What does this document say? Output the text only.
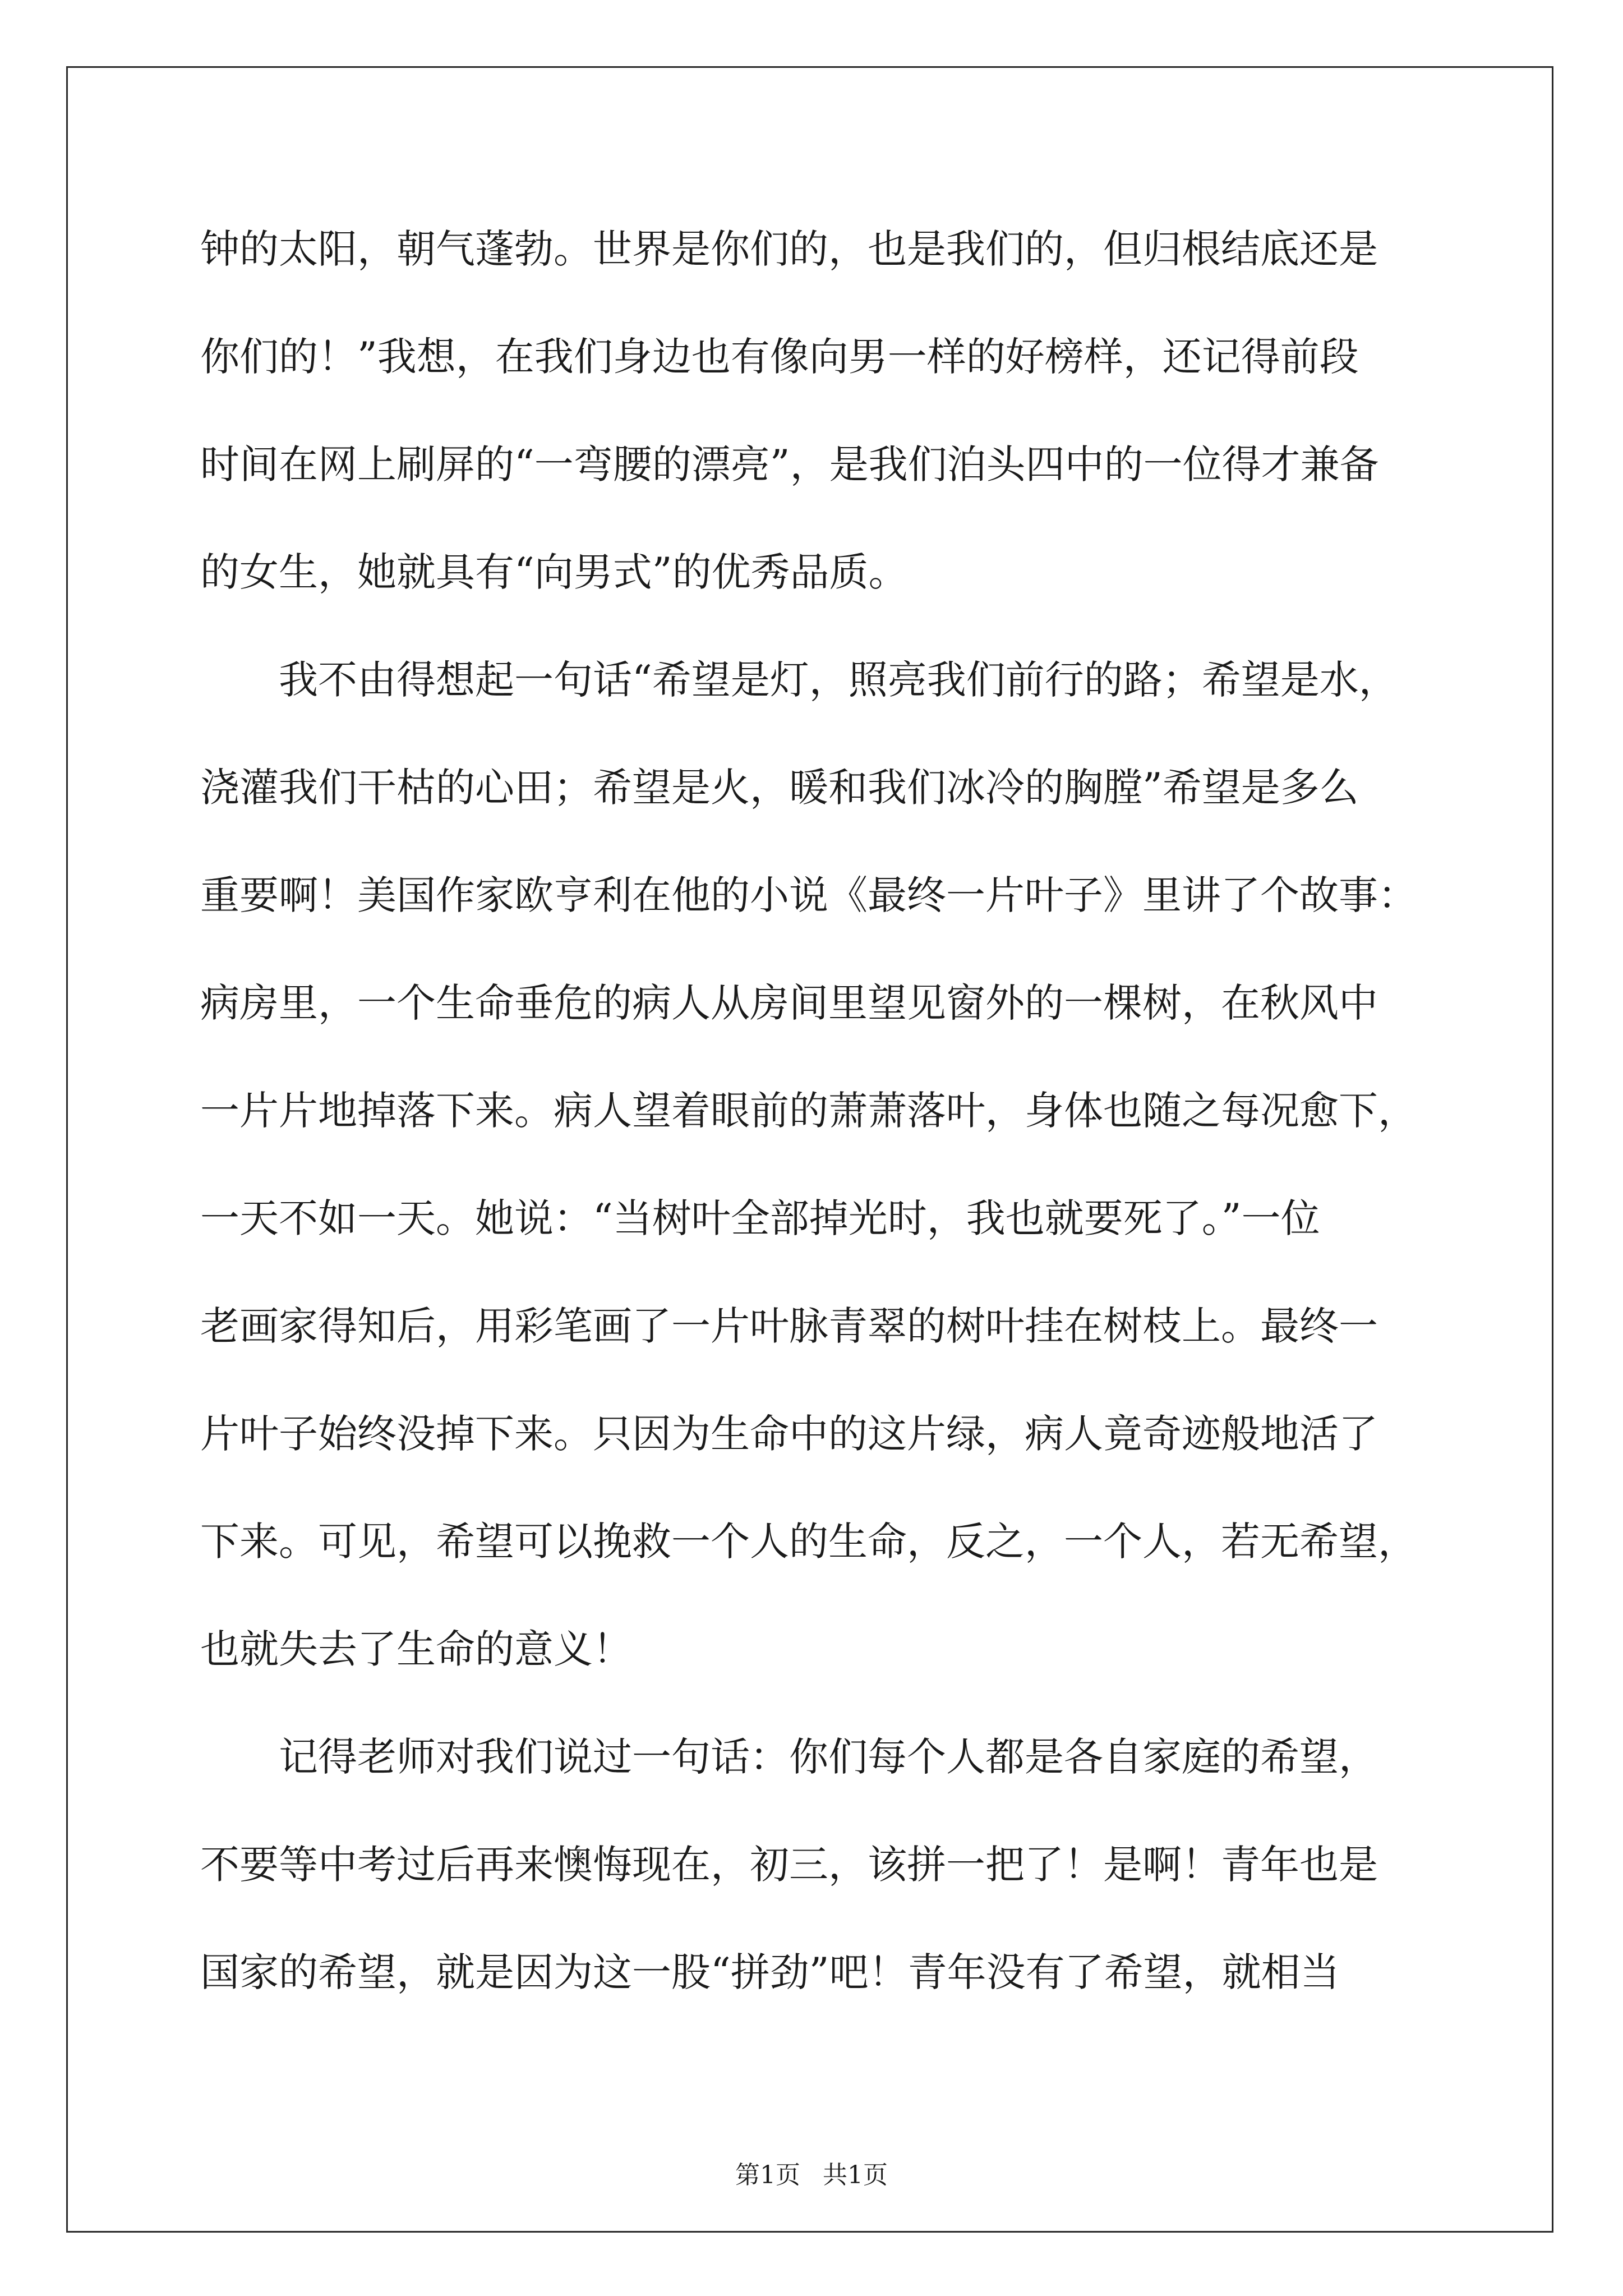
钟的太阳，朝气蓬勃。世界是你们的，也是我们的，但归根结底还是
你们的！”我想，在我们身边也有像向男一样的好榜样，还记得前段
时间在网上刷屏的“一弯腰的漂亮”，是我们泊头四中的一位得才兼备
的女生，她就具有“向男式”的优秀品质。
　　我不由得想起一句话“希望是灯，照亮我们前行的路；希望是水，
浇灌我们干枯的心田；希望是火，暖和我们冰冷的胸膛”希望是多么
重要啊！美国作家欧亨利在他的小说《最终一片叶子》里讲了个故事：
病房里，一个生命垂危的病人从房间里望见窗外的一棵树，在秋风中
一片片地掉落下来。病人望着眼前的萧萧落叶，身体也随之每况愈下，
一天不如一天。她说：“当树叶全部掉光时，我也就要死了。”一位
老画家得知后，用彩笔画了一片叶脉青翠的树叶挂在树枝上。最终一
片叶子始终没掉下来。只因为生命中的这片绿，病人竟奇迹般地活了
下来。可见，希望可以挽救一个人的生命，反之，一个人，若无希望，
也就失去了生命的意义！
　　记得老师对我们说过一句话：你们每个人都是各自家庭的希望，
不要等中考过后再来懊悔现在，初三，该拼一把了！是啊！青年也是
国家的希望，就是因为这一股“拼劲”吧！青年没有了希望，就相当
第1页 共1页
